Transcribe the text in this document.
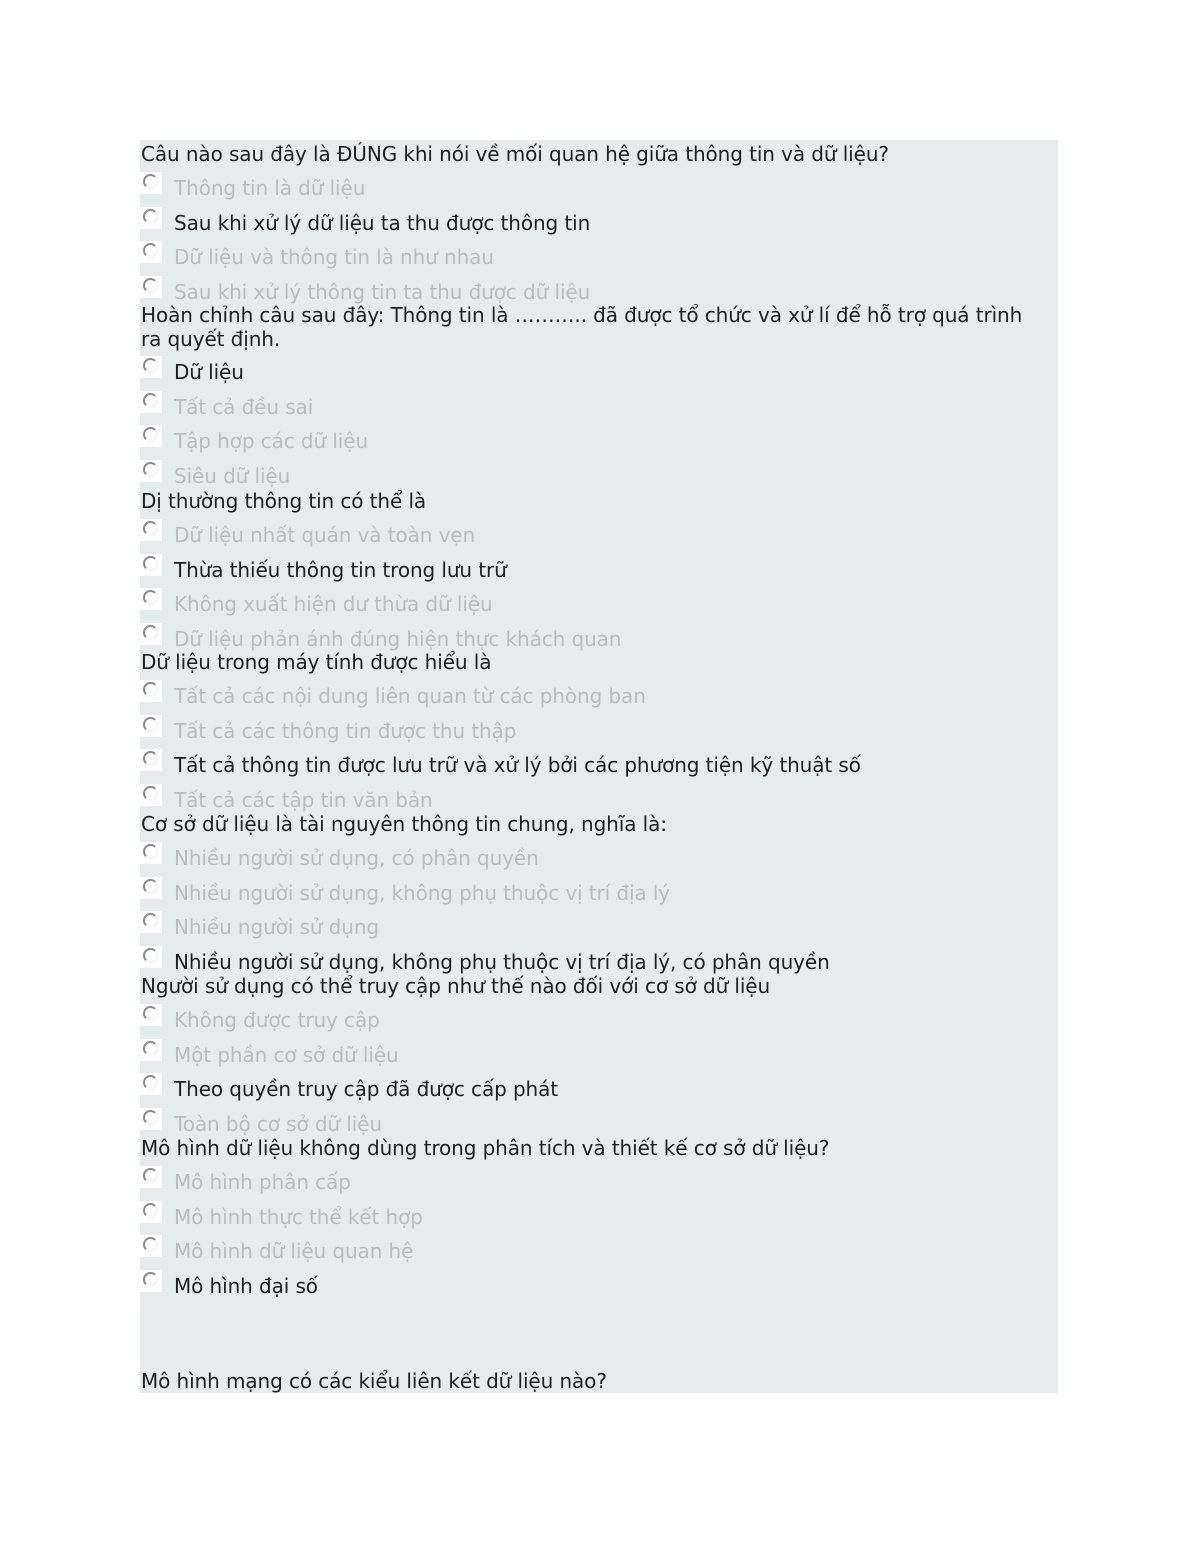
Câu nào sau đây là ĐÚNG khi nói về mối quan hệ giữa thông tin và dữ liệu?

Thông tin là dữ liệu
Sau khi xử lý dữ liệu ta thu được thông tin
Dữ liệu và thông tin là như nhau
Sau khi xử lý thông tin ta thu được dữ liệu

Hoàn chỉnh câu sau đây: Thông tin là ……….. đã được tổ chức và xử lí để hỗ trợ quá trình ra quyết định.

Dữ liệu
Tất cả đều sai
Tập hợp các dữ liệu
Siêu dữ liệu

Dị thường thông tin có thể là

Dữ liệu nhất quán và toàn vẹn
Thừa thiếu thông tin trong lưu trữ
Không xuất hiện dư thừa dữ liệu
Dữ liệu phản ánh đúng hiện thực khách quan

Dữ liệu trong máy tính được hiểu là

Tất cả các nội dung liên quan từ các phòng ban
Tất cả các thông tin được thu thập
Tất cả thông tin được lưu trữ và xử lý bởi các phương tiện kỹ thuật số
Tất cả các tập tin văn bản

Cơ sở dữ liệu là tài nguyên thông tin chung, nghĩa là:

Nhiều người sử dụng, có phân quyền
Nhiều người sử dụng, không phụ thuộc vị trí địa lý
Nhiều người sử dụng
Nhiều người sử dụng, không phụ thuộc vị trí địa lý, có phân quyền

Người sử dụng có thể truy cập như thế nào đối với cơ sở dữ liệu

Không được truy cập
Một phần cơ sở dữ liệu
Theo quyền truy cập đã được cấp phát
Toàn bộ cơ sở dữ liệu

Mô hình dữ liệu không dùng trong phân tích và thiết kế cơ sở dữ liệu?

Mô hình phân cấp
Mô hình thực thể kết hợp
Mô hình dữ liệu quan hệ
Mô hình đại số

Mô hình mạng có các kiểu liên kết dữ liệu nào?
